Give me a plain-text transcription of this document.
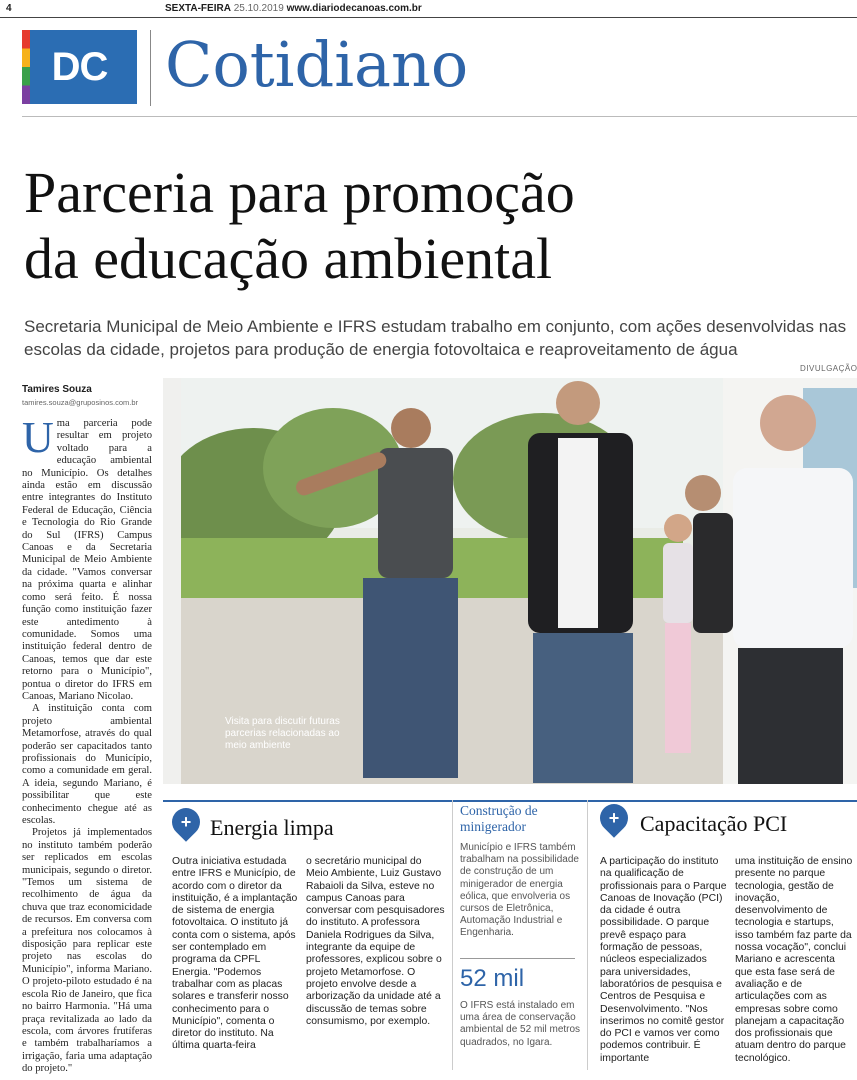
4	SEXTA-FEIRA 25.10.2019 www.diariodecanoas.com.br
DC Cotidiano
Parceria para promoção
da educação ambiental
Secretaria Municipal de Meio Ambiente e IFRS estudam trabalho em conjunto, com ações desenvolvidas nas escolas da cidade, projetos para produção de energia fotovoltaica e reaproveitamento de água
DIVULGAÇÃO
Tamires Souza
tamires.souza@gruposinos.com.br

Uma parceria pode resultar em projeto voltado para a educação ambiental no Município. Os detalhes ainda estão em discussão entre integrantes do Instituto Federal de Educação, Ciência e Tecnologia do Rio Grande do Sul (IFRS) Campus Canoas e da Secretaria Municipal de Meio Ambiente da cidade. "Vamos conversar na próxima quarta e alinhar como será feito. É nossa função como instituição fazer este antedimento à comunidade. Somos uma instituição federal dentro de Canoas, temos que dar este retorno para o Município", pontua o diretor do IFRS em Canoas, Mariano Nicolao.

A instituição conta com projeto ambiental Metamorfose, através do qual poderão ser capacitados tanto profissionais do Município, como a comunidade em geral. A ideia, segundo Mariano, é possibilitar que este conhecimento chegue até as escolas.

Projetos já implementados no instituto também poderão ser replicados em escolas municipais, segundo o diretor. "Temos um sistema de recolhimento de água da chuva que traz economicidade de recursos. Em conversa com a prefeitura nos colocamos à disposição para replicar este projeto nas escolas do Município", informa Mariano. O projeto-piloto estudado é na escola Rio de Janeiro, que fica no bairro Harmonia. "Há uma praça revitalizada ao lado da escola, com árvores frutíferas e também trabalharíamos a irrigação, faria uma adaptação do projeto."

Visita para discutir futuras parcerias relacionadas ao meio ambiente
+ Energia limpa
Outra iniciativa estudada entre IFRS e Município, de acordo com o diretor da instituição, é a implantação de sistema de energia fotovoltaica. O instituto já conta com o sistema, após ser contemplado em programa da CPFL Energia. "Podemos trabalhar com as placas solares e transferir nosso conhecimento para o Município", comenta o diretor do instituto. Na última quarta-feira
o secretário municipal do Meio Ambiente, Luiz Gustavo Rabaioli da Silva, esteve no campus Canoas para conversar com pesquisadores do instituto. A professora Daniela Rodrigues da Silva, integrante da equipe de professores, explicou sobre o projeto Metamorfose. O projeto envolve desde a arborização da unidade até a discussão de temas sobre consumismo, por exemplo.
Construção de minigerador
Município e IFRS também trabalham na possibilidade de construção de um minigerador de energia eólica, que envolveria os cursos de Eletrônica, Automação Industrial e Engenharia.
52 mil
O IFRS está instalado em uma área de conservação ambiental de 52 mil metros quadrados, no Igara.
+ Capacitação PCI
A participação do instituto na qualificação de profissionais para o Parque Canoas de Inovação (PCI) da cidade é outra possibilidade. O parque prevê espaço para formação de pessoas, núcleos especializados para universidades, laboratórios de pesquisa e Centros de Pesquisa e Desenvolvimento. "Nos inserimos no comitê gestor do PCI e vamos ver como podemos contribuir. É importante
uma instituição de ensino presente no parque tecnologia, gestão de inovação, desenvolvimento de tecnologia e startups, isso também faz parte da nossa vocação", conclui Mariano e acrescenta que esta fase será de avaliação e de articulações com as empresas sobre como planejam a capacitação dos profissionais que atuam dentro do parque tecnológico.
